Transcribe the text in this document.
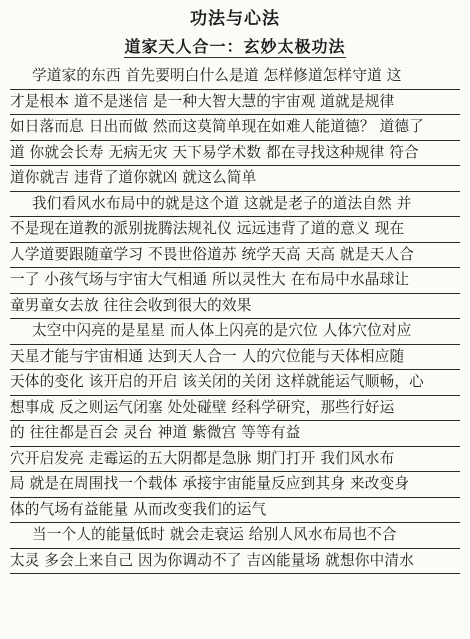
功法与心法
道家天人合一：玄妙太极功法
学道家的东西 首先要明白什么是道 怎样修道怎样守道 这
才是根本 道不是迷信 是一种大智大慧的宇宙观 道就是规律
如日落而息 日出而做 然而这莫简单现在如难人能道德？ 道德了
道 你就会长寿 无病无灾 天下易学术数 都在寻找这种规律 符合
道你就吉 违背了道你就凶 就这么简单
我们看风水布局中的就是这个道 这就是老子的道法自然 并
不是现在道教的派别拢腾法规礼仪 远远违背了道的意义 现在
人学道要跟随童学习 不畏世俗道苏 统学天高 天高 就是天人合
一了 小孩气场与宇宙大气相通 所以灵性大 在布局中水晶球让
童男童女去放 往往会收到很大的效果
太空中闪亮的是星星 而人体上闪亮的是穴位 人体穴位对应
天星才能与宇宙相通 达到天人合一 人的穴位能与天体相应随
天体的变化 该开启的开启 该关闭的关闭 这样就能运气顺畅，心
想事成 反之则运气闭塞 处处碰壁 经科学研究，那些行好运
的 往往都是百会 灵台 神道 紫微宫 等等有益
穴开启发亮 走霉运的五大阴都是急脉 期门打开 我们风水布
局 就是在周围找一个载体 承接宇宙能量反应到其身 来改变身
体的气场有益能量 从而改变我们的运气
当一个人的能量低时 就会走衰运 给别人风水布局也不合
太灵 多会上来自己 因为你调动不了 吉凶能量场 就想你中清水
